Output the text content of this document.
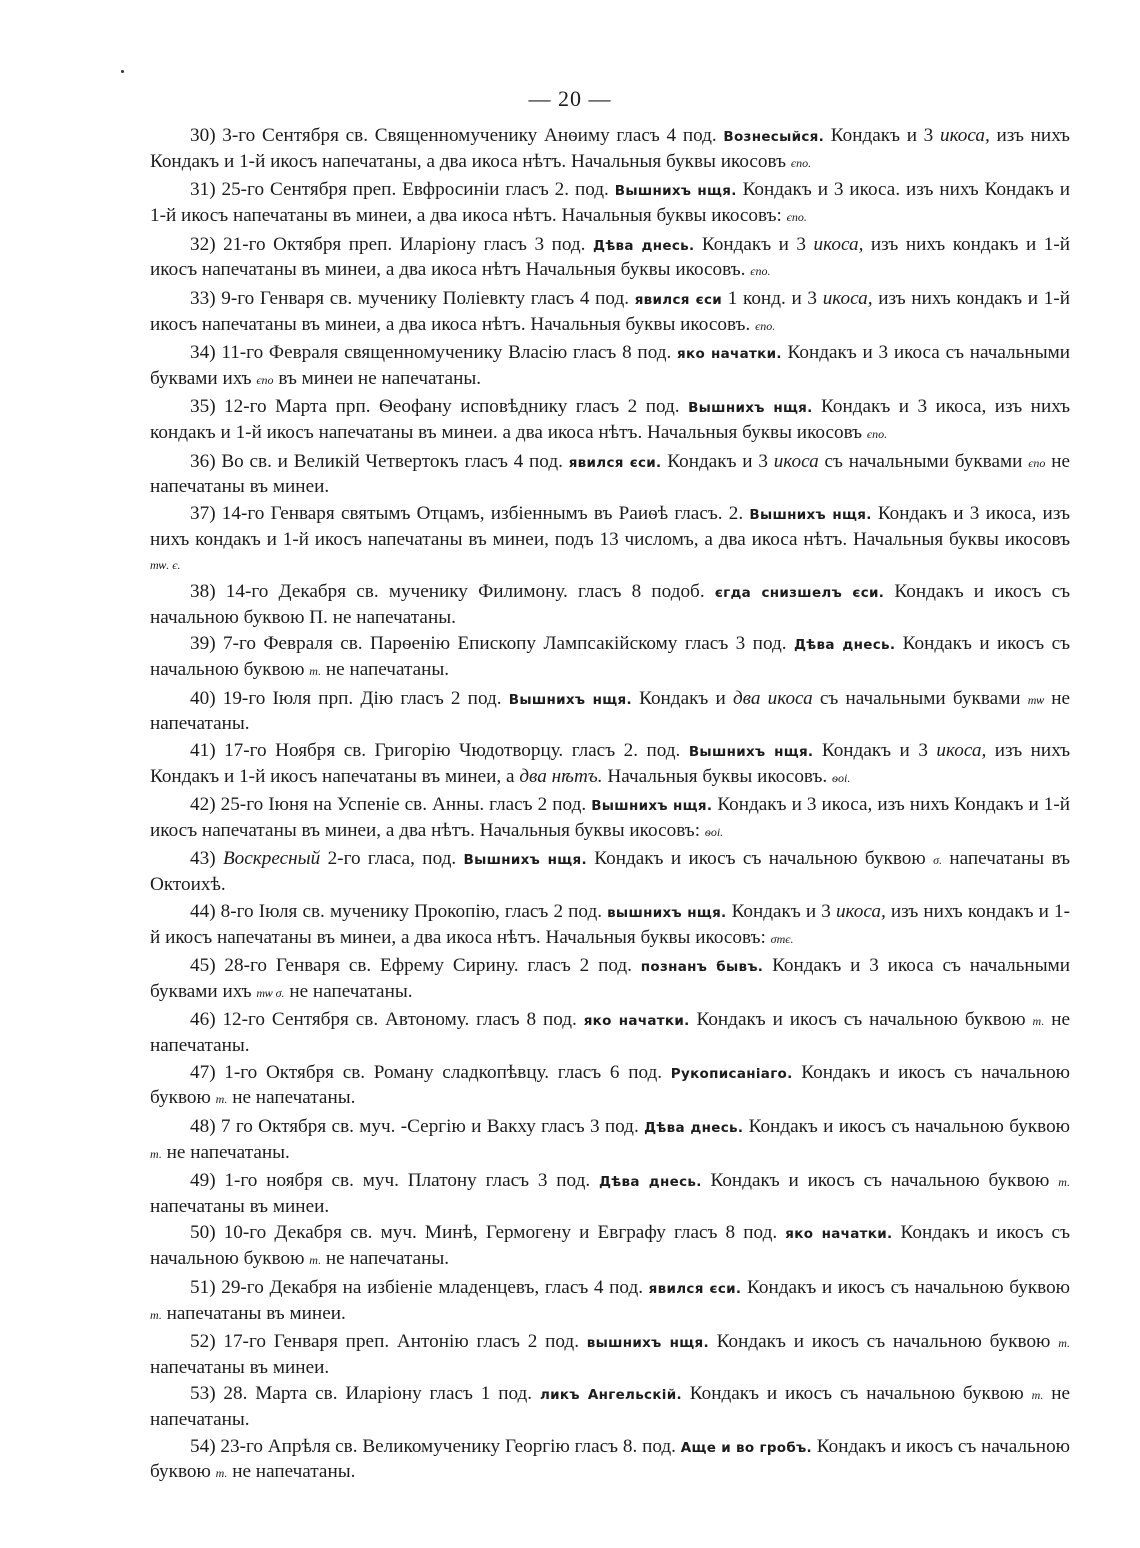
— 20 —

30) 3-го Сентября св. Священномученику Анѳиму гласъ 4 под. Вознесыйся. Кондакъ и 3 икоса, изъ нихъ Кондакъ и 1-й икосъ напечатаны, а два икоса нѣтъ. Начальныя буквы икосовъ єпо.

31) 25-го Сентября преп. Евфросиніи гласъ 2. под. Вышнихъ нщя. Кондакъ и 3 икоса. изъ нихъ Кондакъ и 1-й икосъ напечатаны въ минеи, а два икоса нѣтъ. Начальныя буквы икосовъ: єпо.

32) 21-го Октября преп. Иларіону гласъ 3 под. Дѣва днесь. Кондакъ и 3 икоса, изъ нихъ кондакъ и 1-й икосъ напечатаны въ минеи, а два икоса нѣтъ Начальныя буквы икосовъ. єпо.

33) 9-го Генваря св. мученику Поліевкту гласъ 4 под. явился єси 1 конд. и 3 икоса, изъ нихъ кондакъ и 1-й икосъ напечатаны въ минеи, а два икоса нѣтъ. Начальныя буквы икосовъ. єпо.

34) 11-го Февраля священномученику Власію гласъ 8 под. яко начатки. Кондакъ и 3 икоса съ начальными буквами ихъ єпо въ минеи не напечатаны.

35) 12-го Марта прп. Ѳеофану исповѣднику гласъ 2 под. Вышнихъ нщя. Кондакъ и 3 икоса, изъ нихъ кондакъ и 1-й икосъ напечатаны въ минеи. а два икоса нѣтъ. Начальныя буквы икосовъ єпо.

36) Во св. и Великій Четвертокъ гласъ 4 под. явился єси. Кондакъ и 3 икоса съ начальными буквами єпо не напечатаны въ минеи.

37) 14-го Генваря святымъ Отцамъ, избіеннымъ въ Раиѳѣ гласъ. 2. Вышнихъ нщя. Кондакъ и 3 икоса, изъ нихъ кондакъ и 1-й икосъ напечатаны въ минеи, подъ 13 числомъ, а два икоса нѣтъ. Начальныя буквы икосовъ тѡ. є.

38) 14-го Декабря св. мученику Филимону. гласъ 8 подоб. єгда снизшелъ єси. Кондакъ и икосъ съ начальною буквою П. не напечатаны.

39) 7-го Февраля св. Парѳенію Епископу Лампсакійскому гласъ 3 под. Дѣва днесь. Кондакъ и икосъ съ начальною буквою т. не напечатаны.

40) 19-го Іюля прп. Дію гласъ 2 под. Вышнихъ нщя. Кондакъ и два икоса съ начальными буквами тѡ не напечатаны.

41) 17-го Ноября св. Григорію Чюдотворцу. гласъ 2. под. Вышнихъ нщя. Кондакъ и 3 икоса, изъ нихъ Кондакъ и 1-й икосъ напечатаны въ минеи, а два нѣтъ. Начальныя буквы икосовъ. ѳоі.

42) 25-го Іюня на Успеніе св. Анны. гласъ 2 под. Вышнихъ нщя. Кондакъ и 3 икоса, изъ нихъ Кондакъ и 1-й икосъ напечатаны въ минеи, а два нѣтъ. Начальныя буквы икосовъ: ѳоі.

43) Воскресный 2-го гласа, под. Вышнихъ нщя. Кондакъ и икосъ съ начальною буквою σ. напечатаны въ Октоихѣ.

44) 8-го Іюля св. мученику Прокопію, гласъ 2 под. вышнихъ нщя. Кондакъ и 3 икоса, изъ нихъ кондакъ и 1-й икосъ напечатаны въ минеи, а два икоса нѣтъ. Начальныя буквы икосовъ: σтє.

45) 28-го Генваря св. Ефрему Сирину. гласъ 2 под. познанъ бывъ. Кондакъ и 3 икоса съ начальными буквами ихъ тѡ σ. не напечатаны.

46) 12-го Сентября св. Автоному. гласъ 8 под. яко начатки. Кондакъ и икосъ съ начальною буквою т. не напечатаны.

47) 1-го Октября св. Роману сладкопѣвцу. гласъ 6 под. Рукописанiаго. Кондакъ и икосъ съ начальною буквою т. не напечатаны.

48) 7 го Октября св. муч. -Сергію и Вакху гласъ 3 под. Дѣва днесь. Кондакъ и икосъ съ начальною буквою т. не напечатаны.

49) 1-го ноября св. муч. Платону гласъ 3 под. Дѣва днесь. Кондакъ и икосъ съ начальною буквою т. напечатаны въ минеи.

50) 10-го Декабря св. муч. Минѣ, Гермогену и Евграфу гласъ 8 под. яко начатки. Кондакъ и икосъ съ начальною буквою т. не напечатаны.

51) 29-го Декабря на избіеніе младенцевъ, гласъ 4 под. явился єси. Кондакъ и икосъ съ начальною буквою т. напечатаны въ минеи.

52) 17-го Генваря преп. Антонію гласъ 2 под. вышнихъ нщя. Кондакъ и икосъ съ начальною буквою т. напечатаны въ минеи.

53) 28. Марта св. Иларіону гласъ 1 под. ликъ Ангельскій. Кондакъ и икосъ съ начальною буквою т. не напечатаны.

54) 23-го Апрѣля св. Великомученику Георгію гласъ 8. под. Аще и во гробъ. Кондакъ и икосъ съ начальною буквою т. не напечатаны.
